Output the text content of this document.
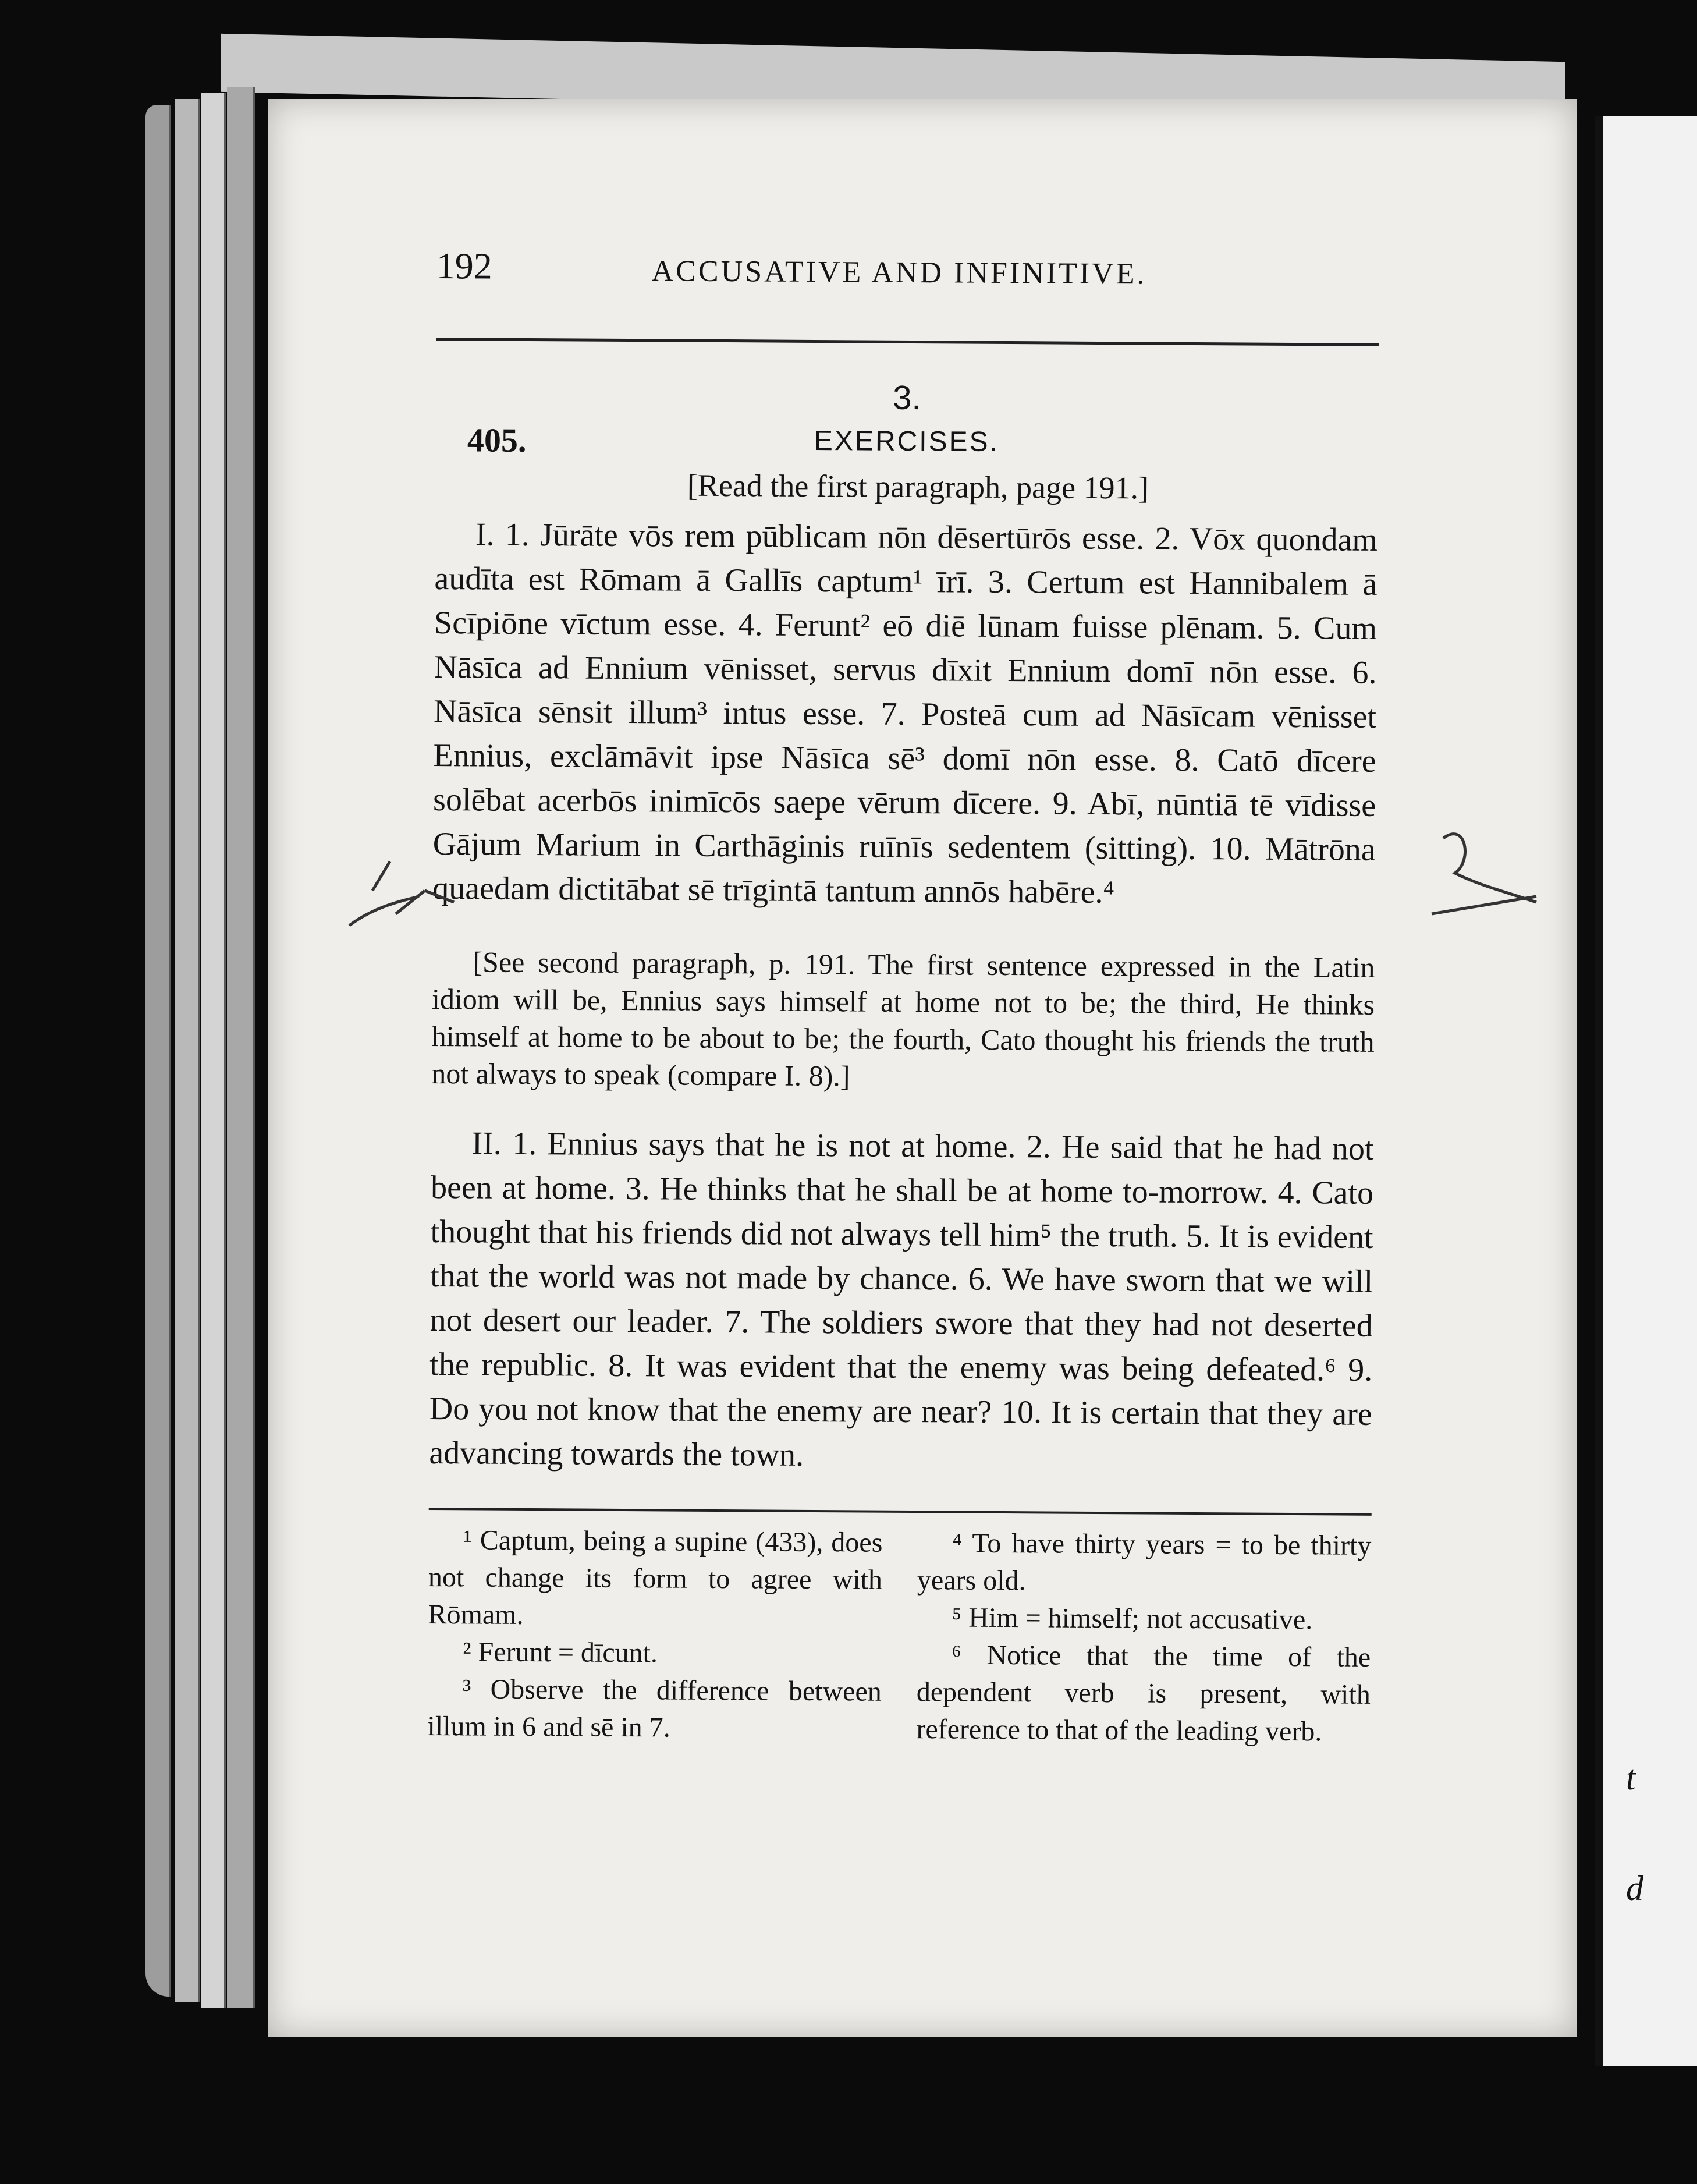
t
d
192	ACCUSATIVE AND INFINITIVE.
3.
405.	EXERCISES.
[Read the first paragraph, page 191.]

I. 1. Jūrāte vōs rem pūblicam nōn dēsertūrōs esse. 2. Vōx quondam audīta est Rōmam ā Gallīs captum¹ īrī. 3. Certum est Hannibalem ā Scīpiōne vīctum esse. 4. Ferunt² eō diē lūnam fuisse plēnam. 5. Cum Nāsīca ad Ennium vēnisset, servus dīxit Ennium domī nōn esse. 6. Nāsīca sēnsit illum³ intus esse. 7. Posteā cum ad Nāsīcam vēnisset Ennius, exclāmāvit ipse Nāsīca sē³ domī nōn esse. 8. Catō dīcere solēbat acerbōs inimīcōs saepe vērum dīcere. 9. Abī, nūntiā tē vīdisse Gājum Marium in Carthāginis ruīnīs sedentem (sitting). 10. Mātrōna quaedam dictitābat sē trīgintā tantum annōs habēre.⁴

[See second paragraph, p. 191. The first sentence expressed in the Latin idiom will be, Ennius says himself at home not to be; the third, He thinks himself at home to be about to be; the fourth, Cato thought his friends the truth not always to speak (compare I. 8).]

II. 1. Ennius says that he is not at home. 2. He said that he had not been at home. 3. He thinks that he shall be at home to-morrow. 4. Cato thought that his friends did not always tell him⁵ the truth. 5. It is evident that the world was not made by chance. 6. We have sworn that we will not desert our leader. 7. The soldiers swore that they had not deserted the republic. 8. It was evident that the enemy was being defeated.⁶ 9. Do you not know that the enemy are near? 10. It is certain that they are advancing towards the town.

¹ Captum, being a supine (433), does not change its form to agree with Rōmam.

² Ferunt = dīcunt.

³ Observe the difference between illum in 6 and sē in 7.

⁴ To have thirty years = to be thirty years old.

⁵ Him = himself; not accusative.

⁶ Notice that the time of the dependent verb is present, with reference to that of the leading verb.
